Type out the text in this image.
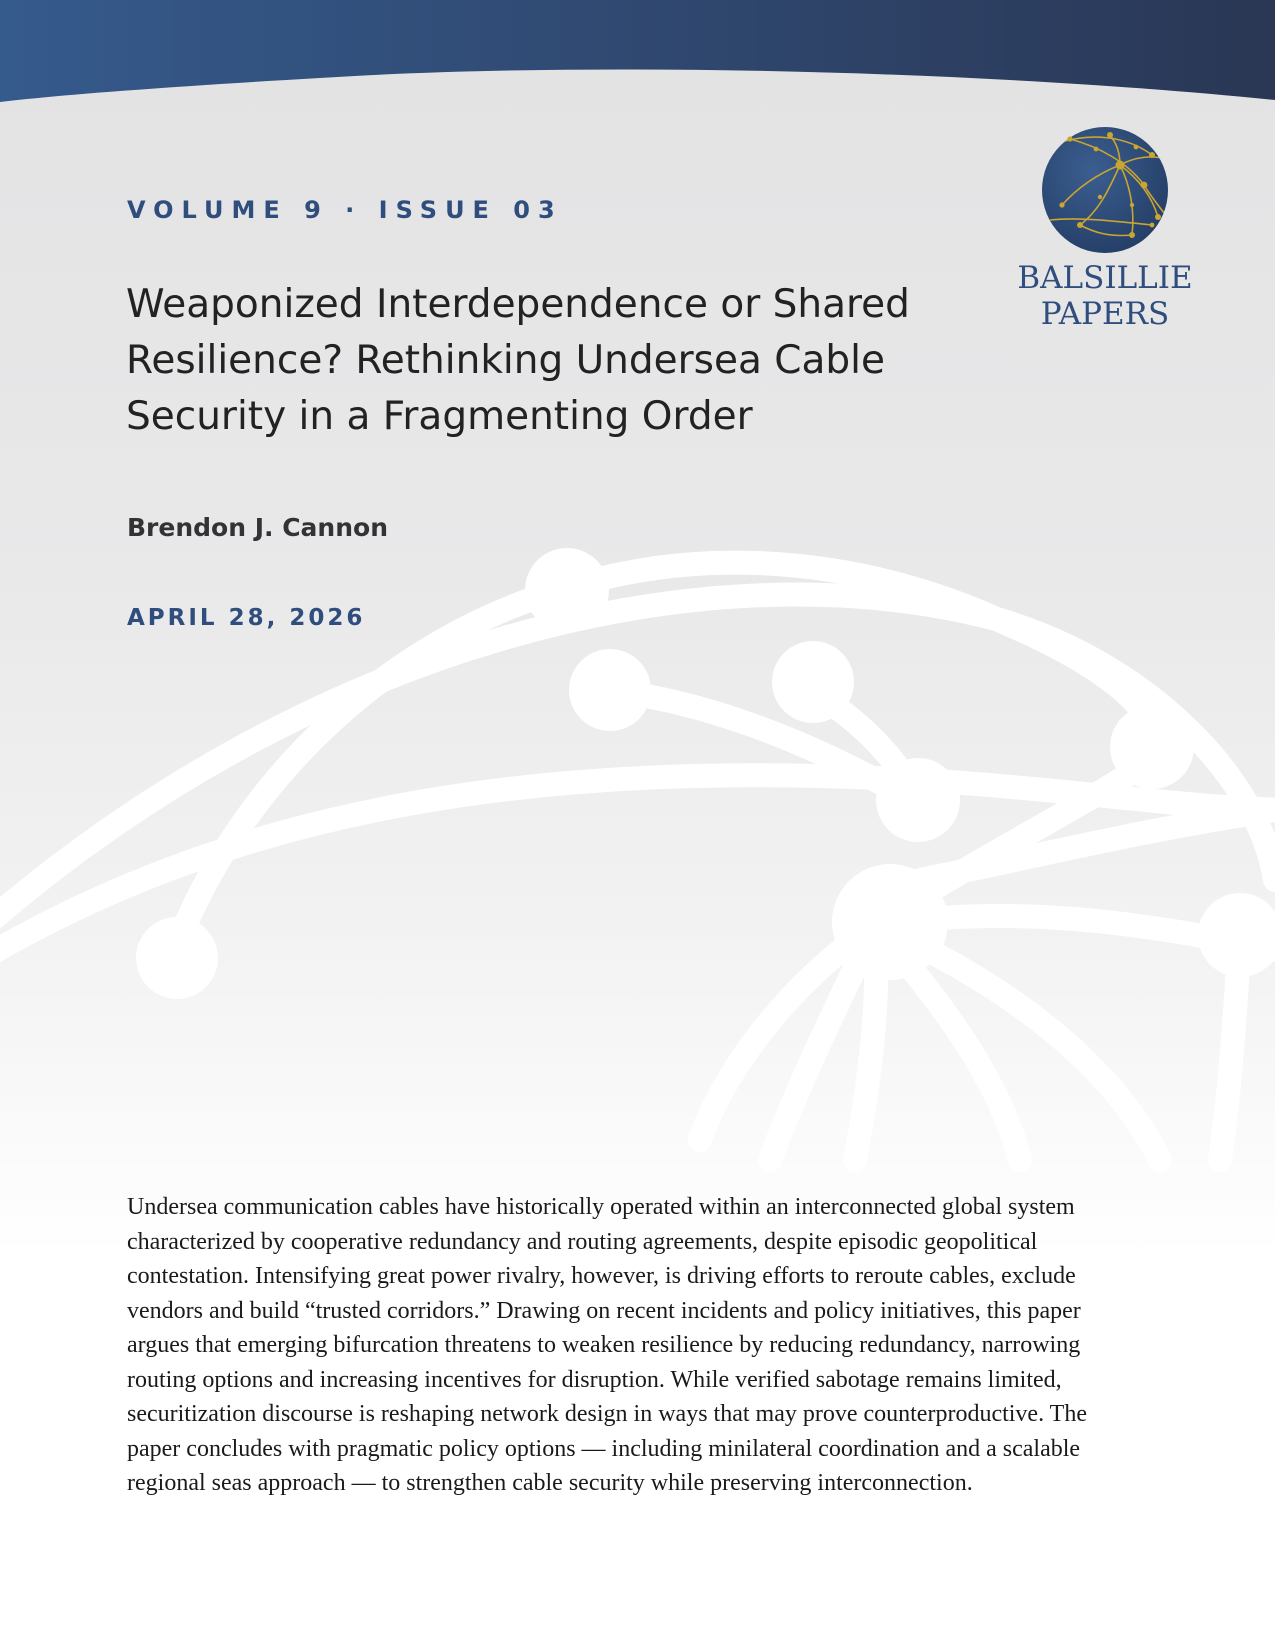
VOLUME 9 · ISSUE 03
Weaponized Interdependence or Shared Resilience? Rethinking Undersea Cable Security in a Fragmenting Order
Brendon J. Cannon
APRIL 28, 2026
BALSILLIE
PAPERS

Undersea communication cables have historically operated within an interconnected global system characterized by cooperative redundancy and routing agreements, despite episodic geopolitical contestation. Intensifying great power rivalry, however, is driving efforts to reroute cables, exclude vendors and build “trusted corridors.” Drawing on recent incidents and policy initiatives, this paper argues that emerging bifurcation threatens to weaken resilience by reducing redundancy, narrowing routing options and increasing incentives for disruption. While verified sabotage remains limited, securitization discourse is reshaping network design in ways that may prove counterproductive. The paper concludes with pragmatic policy options — including minilateral coordination and a scalable regional seas approach — to strengthen cable security while preserving interconnection.
